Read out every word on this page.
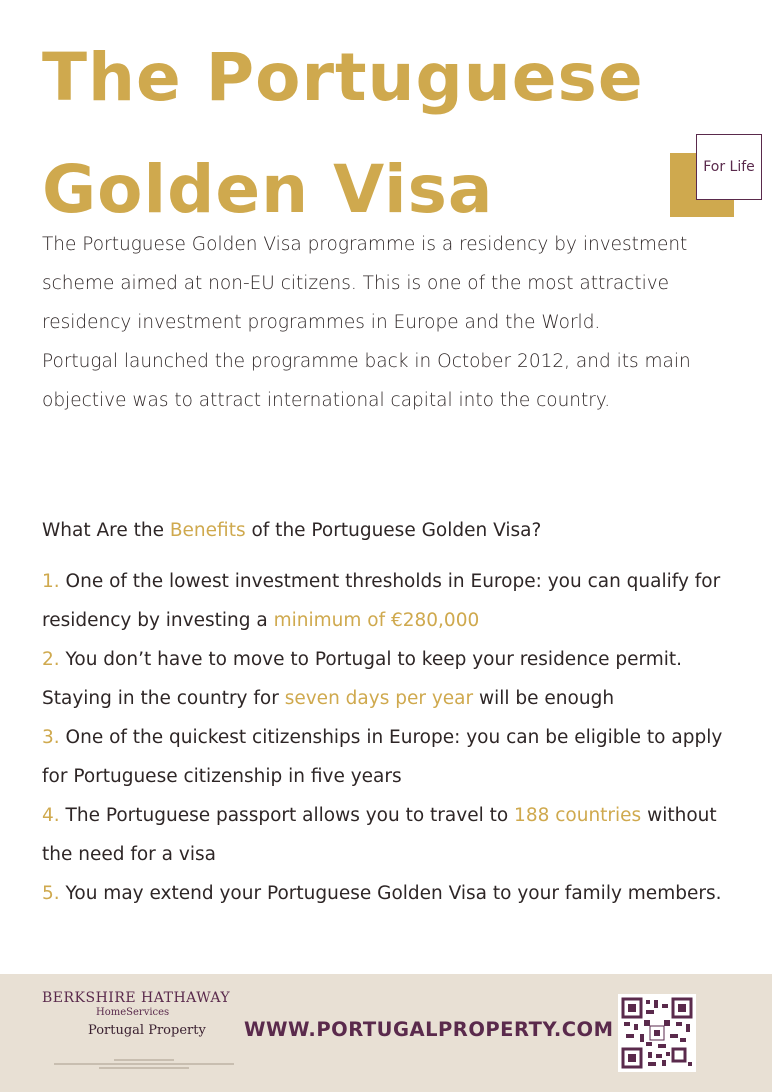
The Portuguese
Golden Visa	For Life

The Portuguese Golden Visa programme is a residency by investment scheme aimed at non-EU citizens. This is one of the most attractive residency investment programmes in Europe and the World.

Portugal launched the programme back in October 2012, and its main objective was to attract international capital into the country.

What Are the Benefits of the Portuguese Golden Visa?

1. One of the lowest investment thresholds in Europe: you can qualify for residency by investing a minimum of €280,000

2. You don’t have to move to Portugal to keep your residence permit. Staying in the country for seven days per year will be enough

3. One of the quickest citizenships in Europe: you can be eligible to apply for Portuguese citizenship in five years

4. The Portuguese passport allows you to travel to 188 countries without the need for a visa

5. You may extend your Portuguese Golden Visa to your family members.

BERKSHIRE HATHAWAY
HomeServices
Portugal Property WWW.PORTUGALPROPERTY.COM
